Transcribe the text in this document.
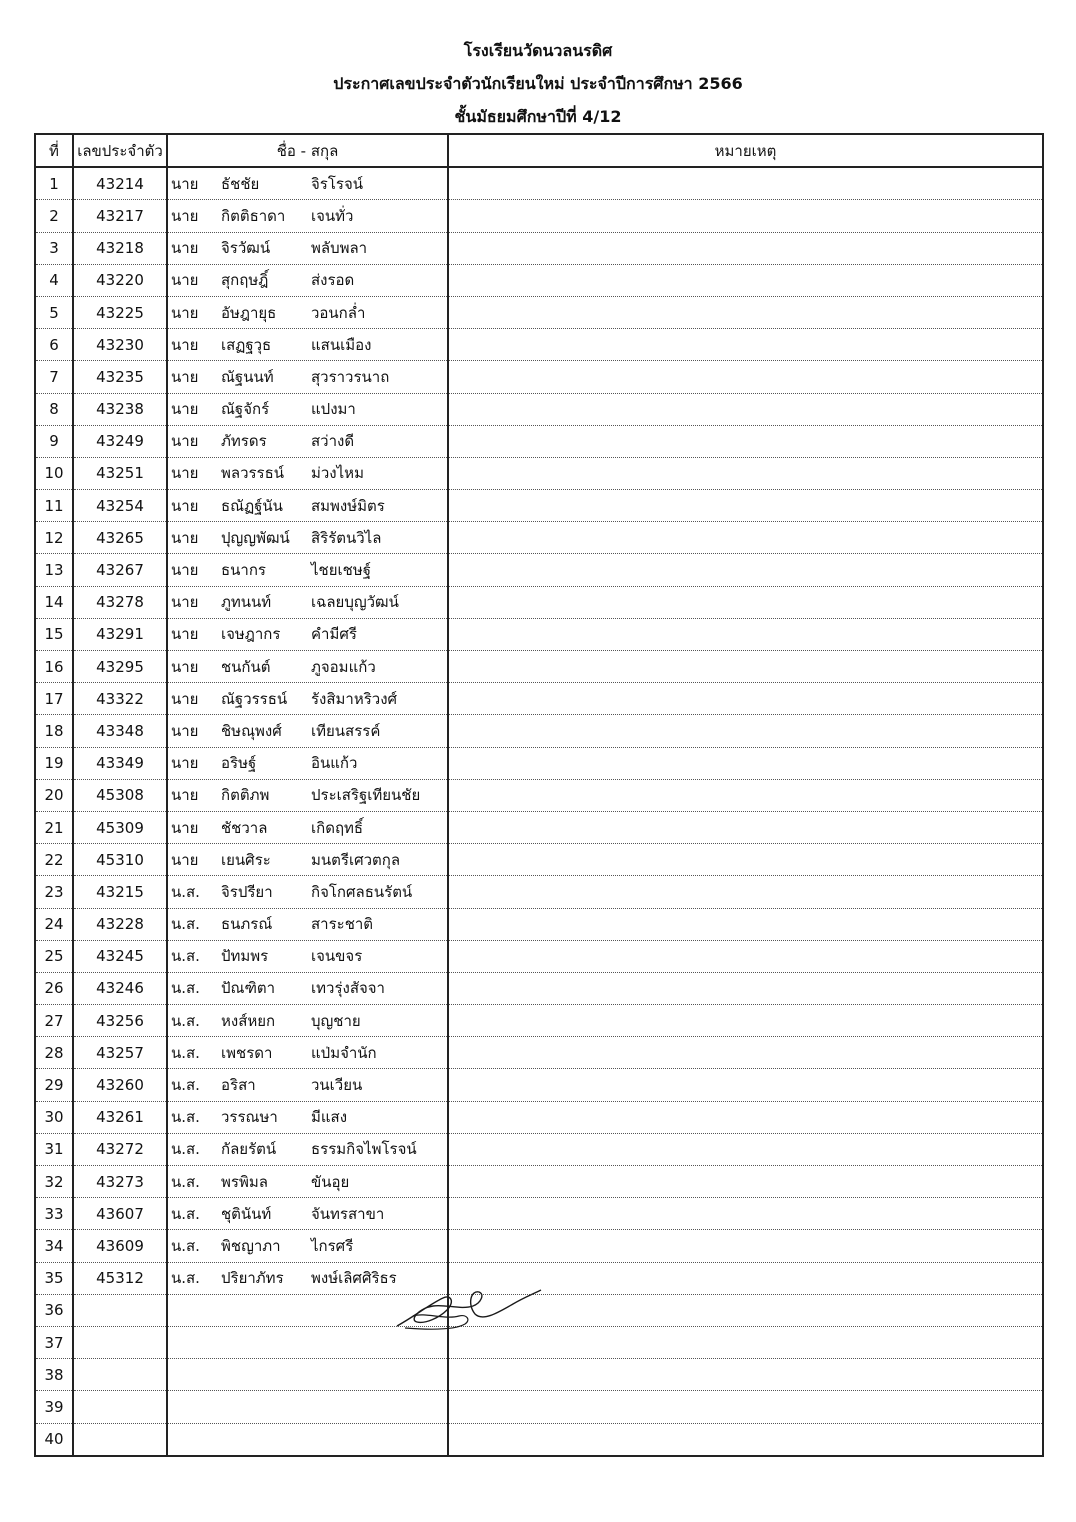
โรงเรียนวัดนวลนรดิศ
ประกาศเลขประจำตัวนักเรียนใหม่ ประจำปีการศึกษา 2566
ชั้นมัธยมศึกษาปีที่ 4/12
ที่	เลขประจำตัว	ชื่อ - สกุล	หมายเหตุ
1	43214	นาย ธัชชัย จิรโรจน์	
2	43217	นาย กิตติธาดา เจนทั่ว	
3	43218	นาย จิรวัฒน์ พลับพลา	
4	43220	นาย สุกฤษฎิ์ ส่งรอด	
5	43225	นาย อัษฎายุธ วอนกล่ำ	
6	43230	นาย เสฏฐวุธ แสนเมือง	
7	43235	นาย ณัฐนนท์ สุวราวรนาถ	
8	43238	นาย ณัฐจักร์ แปงมา	
9	43249	นาย ภัทรดร สว่างดี	
10	43251	นาย พลวรรธน์ ม่วงไหม	
11	43254	นาย ธณัฏฐ์นัน สมพงษ์มิตร	
12	43265	นาย ปุญญพัฒน์ สิริรัตนวิไล	
13	43267	นาย ธนากร ไชยเชษฐ์	
14	43278	นาย ภูทนนท์ เฉลยบุญวัฒน์	
15	43291	นาย เจษฎากร คำมีศรี	
16	43295	นาย ชนกันต์ ภูจอมแก้ว	
17	43322	นาย ณัฐวรรธน์ รังสิมาหริวงศ์	
18	43348	นาย ชิษณุพงศ์ เทียนสรรค์	
19	43349	นาย อริษฐ์ อินแก้ว	
20	45308	นาย กิตติภพ ประเสริฐเทียนชัย	
21	45309	นาย ชัชวาล เกิดฤทธิ์	
22	45310	นาย เยนศิระ มนตรีเศวตกุล	
23	43215	น.ส. จิรปรียา กิจโกศลธนรัตน์	
24	43228	น.ส. ธนภรณ์ สาระชาติ	
25	43245	น.ส. ปัทมพร เจนขจร	
26	43246	น.ส. ปัณฑิตา เทวรุ่งสัจจา	
27	43256	น.ส. หงส์หยก บุญชาย	
28	43257	น.ส. เพชรดา แป่มจำนัก	
29	43260	น.ส. อริสา วนเวียน	
30	43261	น.ส. วรรณษา มีแสง	
31	43272	น.ส. กัลยรัตน์ ธรรมกิจไพโรจน์	
32	43273	น.ส. พรพิมล ขันอุย	
33	43607	น.ส. ชุตินันท์ จันทรสาขา	
34	43609	น.ส. พิชญาภา ไกรศรี	
35	45312	น.ส. ปริยาภัทร พงษ์เลิศศิริธร	
36			
37			
38			
39			
40			
